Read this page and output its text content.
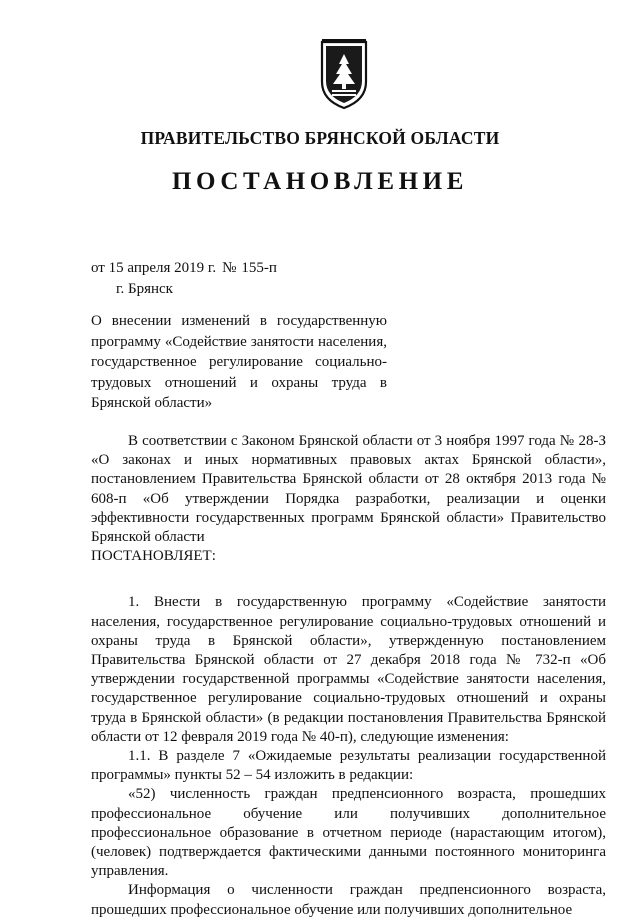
ПРАВИТЕЛЬСТВО БРЯНСКОЙ ОБЛАСТИ
ПОСТАНОВЛЕНИЕ
от 15 апреля 2019 г. № 155-п
г. Брянск
О внесении изменений в государственную программу «Содействие занятости населения, государственное регулирование социально-трудовых отношений и охраны труда в Брянской области»

В соответствии с Законом Брянской области от 3 ноября 1997 года № 28-З «О законах и иных нормативных правовых актах Брянской области», постановлением Правительства Брянской области от 28 октября 2013 года № 608-п «Об утверждении Порядка разработки, реализации и оценки эффективности государственных программ Брянской области» Правительство Брянской области

ПОСТАНОВЛЯЕТ:

1. Внести в государственную программу «Содействие занятости населения, государственное регулирование социально-трудовых отношений и охраны труда в Брянской области», утвержденную постановлением Правительства Брянской области от 27 декабря 2018 года № 732-п «Об утверждении государственной программы «Содействие занятости населения, государственное регулирование социально-трудовых отношений и охраны труда в Брянской области» (в редакции постановления Правительства Брянской области от 12 февраля 2019 года № 40-п), следующие изменения:

1.1. В разделе 7 «Ожидаемые результаты реализации государственной программы» пункты 52 – 54 изложить в редакции:

«52) численность граждан предпенсионного возраста, прошедших профессиональное обучение или получивших дополнительное профессиональное образование в отчетном периоде (нарастающим итогом), (человек) подтверждается фактическими данными постоянного мониторинга управления.

Информация о численности граждан предпенсионного возраста, прошедших профессиональное обучение или получивших дополнительное
